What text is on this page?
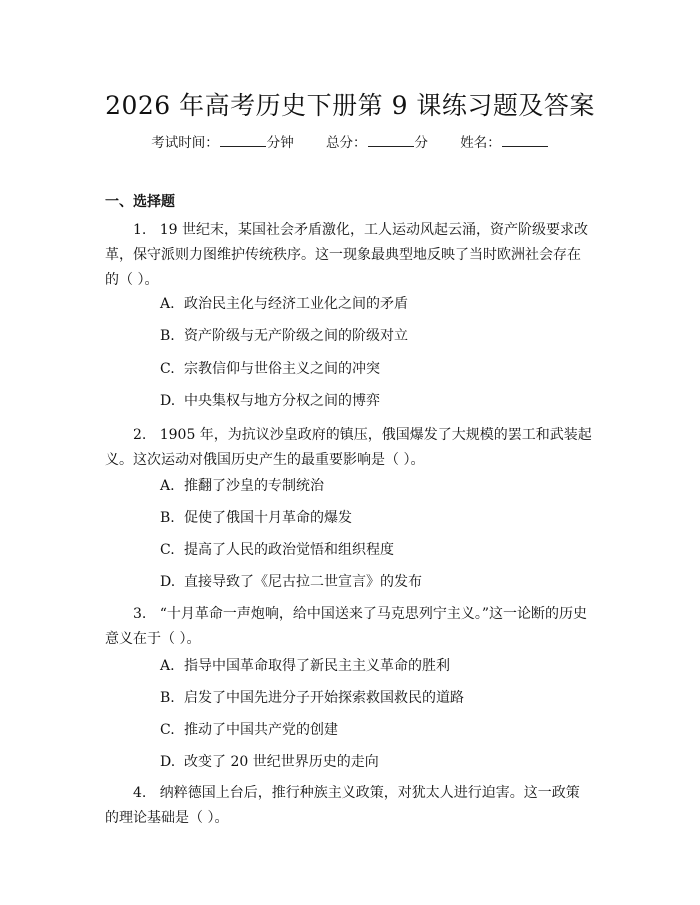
2026 年高考历史下册第 9 课练习题及答案
考试时间：	分钟 总分：	分 姓名：
一、选择题

1. 19 世纪末，某国社会矛盾激化，工人运动风起云涌，资产阶级要求改革，保守派则力图维护传统秩序。这一现象最典型地反映了当时欧洲社会存在的（ ）。

A. 政治民主化与经济工业化之间的矛盾
B. 资产阶级与无产阶级之间的阶级对立
C. 宗教信仰与世俗主义之间的冲突
D. 中央集权与地方分权之间的博弈

2. 1905 年，为抗议沙皇政府的镇压，俄国爆发了大规模的罢工和武装起义。这次运动对俄国历史产生的最重要影响是（ ）。

A. 推翻了沙皇的专制统治
B. 促使了俄国十月革命的爆发
C. 提高了人民的政治觉悟和组织程度
D. 直接导致了《尼古拉二世宣言》的发布

3. “十月革命一声炮响，给中国送来了马克思列宁主义。”这一论断的历史意义在于（ ）。

A. 指导中国革命取得了新民主主义革命的胜利
B. 启发了中国先进分子开始探索救国救民的道路
C. 推动了中国共产党的创建
D. 改变了 20 世纪世界历史的走向

4. 纳粹德国上台后，推行种族主义政策，对犹太人进行迫害。这一政策的理论基础是（ ）。
